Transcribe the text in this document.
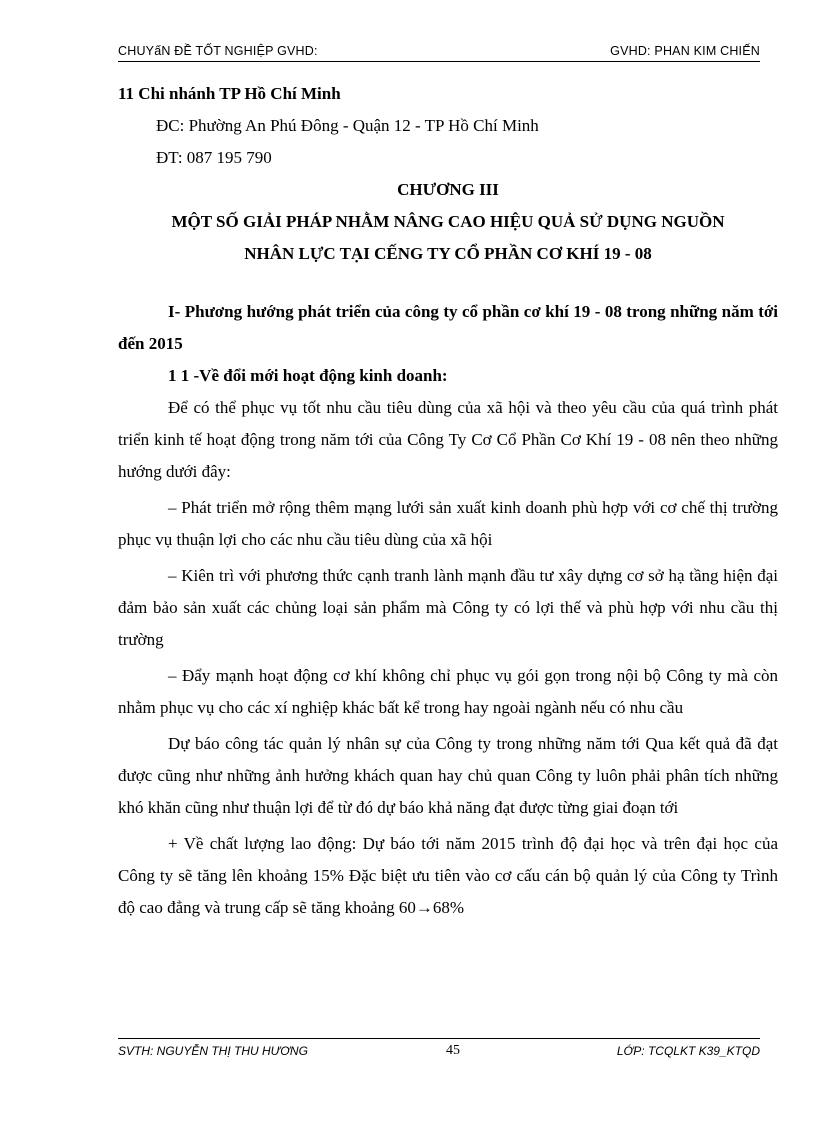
CHUYấN ĐỀ TỐT NGHIỆP GVHD:	GVHD: PHAN KIM CHIẾN

11 Chi nhánh TP Hồ Chí Minh

ĐC: Phường An Phú Đông - Quận 12 - TP Hồ Chí Minh

ĐT: 087 195 790

CHƯƠNG III

MỘT SỐ GIẢI PHÁP NHẰM NÂNG CAO HIỆU QUẢ SỬ DỤNG NGUỒN

NHÂN LỰC TẠI CẾNG TY CỔ PHẦN CƠ KHÍ 19 - 08

I- Phương hướng phát triển của công ty cổ phần cơ khí 19 - 08 trong những năm tới đến 2015

1 1 -Về đổi mới hoạt động kinh doanh:

Để có thể phục vụ tốt nhu cầu tiêu dùng của xã hội và theo yêu cầu của quá trình phát triển kinh tế hoạt động trong năm tới của Công Ty Cơ Cổ Phần Cơ Khí 19 - 08 nên theo những hướng dưới đây:

– Phát triển mở rộng thêm mạng lưới sản xuất kinh doanh phù hợp với cơ chế thị trường phục vụ thuận lợi cho các nhu cầu tiêu dùng của xã hội

– Kiên trì với phương thức cạnh tranh lành mạnh đầu tư xây dựng cơ sở hạ tầng hiện đại đảm bảo sản xuất các chủng loại sản phẩm mà Công ty có lợi thế và phù hợp với nhu cầu thị trường

– Đẩy mạnh hoạt động cơ khí không chỉ phục vụ gói gọn trong nội bộ Công ty mà còn nhằm phục vụ cho các xí nghiệp khác bất kể trong hay ngoài ngành nếu có nhu cầu

Dự báo công tác quản lý nhân sự của Công ty trong những năm tới Qua kết quả đã đạt được cũng như những ảnh hưởng khách quan hay chủ quan Công ty luôn phải phân tích những khó khăn cũng như thuận lợi để từ đó dự báo khả năng đạt được từng giai đoạn tới

+ Về chất lượng lao động: Dự báo tới năm 2015 trình độ đại học và trên đại học của Công ty sẽ tăng lên khoảng 15% Đặc biệt ưu tiên vào cơ cấu cán bộ quản lý của Công ty Trình độ cao đẳng và trung cấp sẽ tăng khoảng 60→68%

SVTH: NGUYỄN THỊ THU HƯƠNG	45	LỚP: TCQLKT K39_KTQD
